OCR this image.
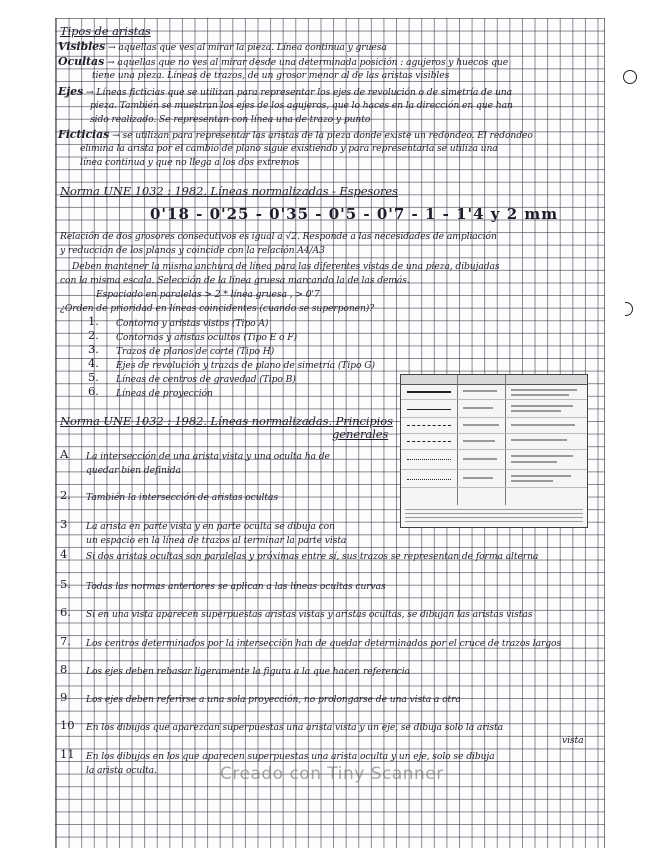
Tipos de aristas
Visibles → aquellas que ves al mirar la pieza. Línea continua y gruesa
Ocultas → aquellas que no ves al mirar desde una determinada posición : agujeros y huecos que
tiene una pieza. Líneas de trazos, de un grosor menor al de las aristas visibles
Ejes → Líneas ficticias que se utilizan para representar los ejes de revolución o de simetría de una
pieza. También se muestran los ejes de los agujeros, que lo haces en la dirección en que han
sido realizado. Se representan con línea una de trazo y punto
Ficticias → se utilizan para representar las aristas de la pieza donde existe un redondeo. El redondeo
elimina la arista por el cambio de plano sigue existiendo y para representarla se utiliza una
línea continua y que no llega a los dos extremos
Norma UNE 1032 : 1982. Líneas normalizadas - Espesores
0'18 - 0'25 - 0'35 - 0'5 - 0'7 - 1 - 1'4 y 2 mm
Relación de dos grosores consecutivos es igual a √2. Responde a las necesidades de ampliación
y reducción de los planos y coincide con la relación A4/A3
Deben mantener la misma anchura de línea para las diferentes vistas de una pieza, dibujadas
con la misma escala. Selección de la línea gruesa marcando la de las demás.
Espaciado en paralelas > 2 * línea gruesa , > 0'7
¿Orden de prioridad en líneas coincidentes (cuando se superponen)?
1. Contorno y aristas vistos (Tipo A)
2. Contornos y aristas ocultos (Tipo E o F)
3. Trazos de planos de corte (Tipo H)
4. Ejes de revolución y trazas de plano de simetría (Tipo G)
5. Líneas de centros de gravedad (Tipo B)
6. Líneas de proyección
Norma UNE 1032 : 1982. Líneas normalizadas. Principios
generales
A La intersección de una arista vista y una oculta ha de
quedar bien definida
2. También la intersección de aristas ocultas
3 La arista en parte vista y en parte oculta se dibuja con
un espacio en la línea de trazos al terminar la parte vista
4 Si dos aristas ocultas son paralelas y próximas entre sí, sus trazos se representan de forma alterna
5. Todas las normas anteriores se aplican a las líneas ocultas curvas
6. Si en una vista aparecen superpuestas aristas vistas y aristas ocultas, se dibujan las aristas vistas
7. Los centros determinados por la intersección han de quedar determinados por el cruce de trazos largos
8 Los ejes deben rebasar ligeramente la figura a la que hacen referencia
9 Los ejes deben referirse a una sola proyección, no prolongarse de una vista a otra
10 En los dibujos que aparezcan superpuestas una arista vista y un eje, se dibuja solo la arista
vista
11 En los dibujos en los que aparecen superpuestas una arista oculta y un eje, solo se dibuja
la arista oculta.	Creado con Tiny Scanner
